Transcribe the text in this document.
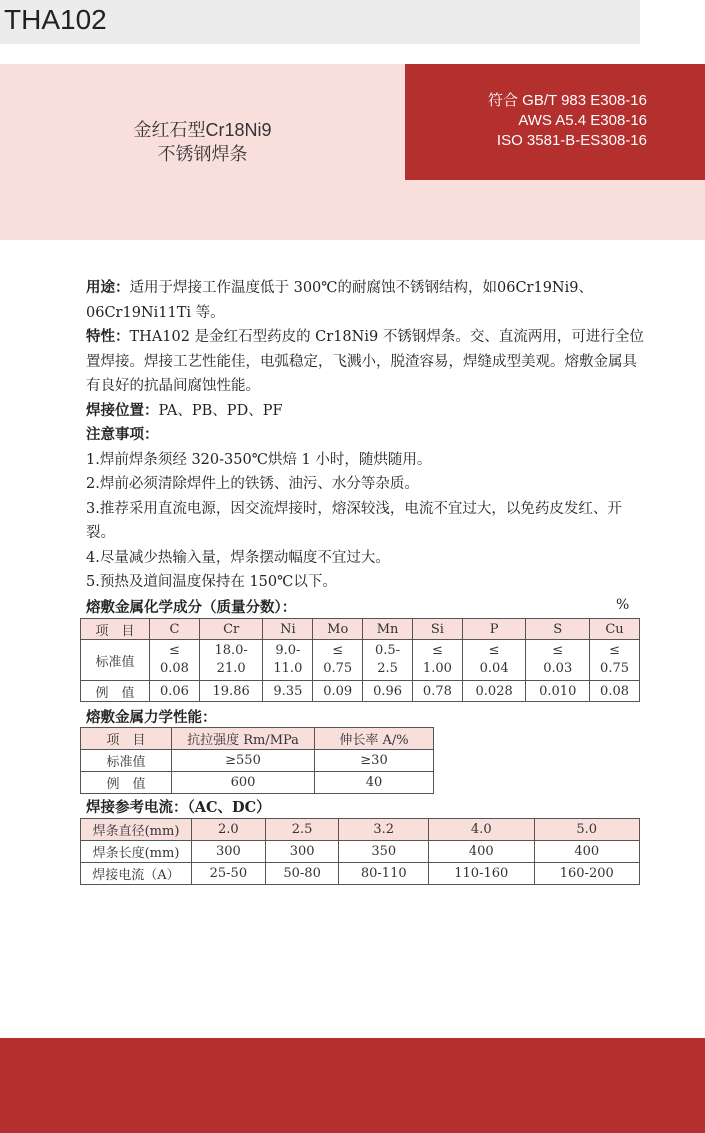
THA102
金红石型Cr18Ni9
不锈钢焊条
符合 GB/T 983 E308-16
AWS A5.4 E308-16
ISO 3581-B-ES308-16

用途：适用于焊接工作温度低于 300℃的耐腐蚀不锈钢结构，如06Cr19Ni9、06Cr19Ni11Ti 等。

特性：THA102 是金红石型药皮的 Cr18Ni9 不锈钢焊条。交、直流两用，可进行全位置焊接。焊接工艺性能佳，电弧稳定，飞溅小，脱渣容易，焊缝成型美观。熔敷金属具有良好的抗晶间腐蚀性能。

焊接位置：PA、PB、PD、PF

注意事项：

1.焊前焊条须经 320-350℃烘焙 1 小时，随烘随用。

2.焊前必须清除焊件上的铁锈、油污、水分等杂质。

3.推荐采用直流电源，因交流焊接时，熔深较浅，电流不宜过大，以免药皮发红、开裂。

4.尽量减少热输入量，焊条摆动幅度不宜过大。

5.预热及道间温度保持在 150℃以下。

熔敷金属化学成分（质量分数）：	%
项　目	C	Cr	Ni	Mo	Mn	Si	P	S	Cu
标准值	≤
0.08	18.0-
21.0	9.0-
11.0	≤
0.75	0.5-
2.5	≤
1.00	≤
0.04	≤
0.03	≤
0.75

例　值	0.06	19.86	9.35	0.09	0.96	0.78	0.028	0.010	0.08
熔敷金属力学性能：
项　目	抗拉强度 Rm/MPa	伸长率 A/%
标准值	≥550	≥30
例　值	600	40
焊接参考电流：（AC、DC）
焊条直径(mm)	2.0	2.5	3.2	4.0	5.0
焊条长度(mm)	300	300	350	400	400
焊接电流（A）	25-50	50-80	80-110	110-160	160-200
